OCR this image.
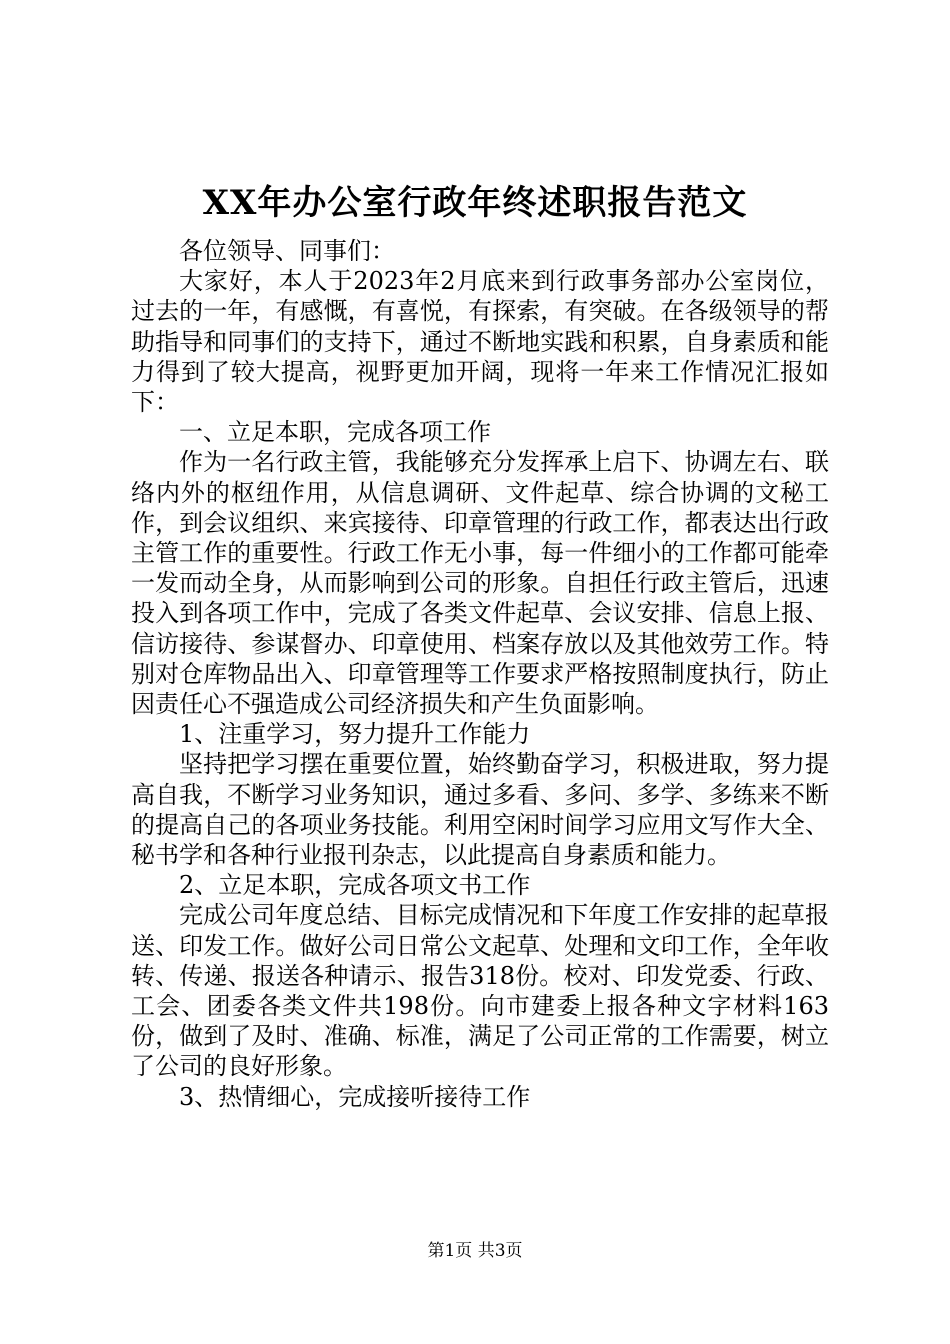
XX年办公室行政年终述职报告范文

各位领导、同事们：

大家好，本人于2023年2月底来到行政事务部办公室岗位，过去的一年，有感慨，有喜悦，有探索，有突破。在各级领导的帮助指导和同事们的支持下，通过不断地实践和积累，自身素质和能力得到了较大提高，视野更加开阔，现将一年来工作情况汇报如下：

一、立足本职，完成各项工作

作为一名行政主管，我能够充分发挥承上启下、协调左右、联络内外的枢纽作用，从信息调研、文件起草、综合协调的文秘工作，到会议组织、来宾接待、印章管理的行政工作，都表达出行政主管工作的重要性。行政工作无小事，每一件细小的工作都可能牵一发而动全身，从而影响到公司的形象。自担任行政主管后，迅速投入到各项工作中，完成了各类文件起草、会议安排、信息上报、信访接待、参谋督办、印章使用、档案存放以及其他效劳工作。特别对仓库物品出入、印章管理等工作要求严格按照制度执行，防止因责任心不强造成公司经济损失和产生负面影响。

1、注重学习，努力提升工作能力

坚持把学习摆在重要位置，始终勤奋学习，积极进取，努力提高自我，不断学习业务知识，通过多看、多问、多学、多练来不断的提高自己的各项业务技能。利用空闲时间学习应用文写作大全、秘书学和各种行业报刊杂志，以此提高自身素质和能力。

2、立足本职，完成各项文书工作

完成公司年度总结、目标完成情况和下年度工作安排的起草报送、印发工作。做好公司日常公文起草、处理和文印工作，全年收转、传递、报送各种请示、报告318份。校对、印发党委、行政、工会、团委各类文件共198份。向市建委上报各种文字材料163份，做到了及时、准确、标准，满足了公司正常的工作需要，树立了公司的良好形象。

3、热情细心，完成接听接待工作

第1页 共3页
